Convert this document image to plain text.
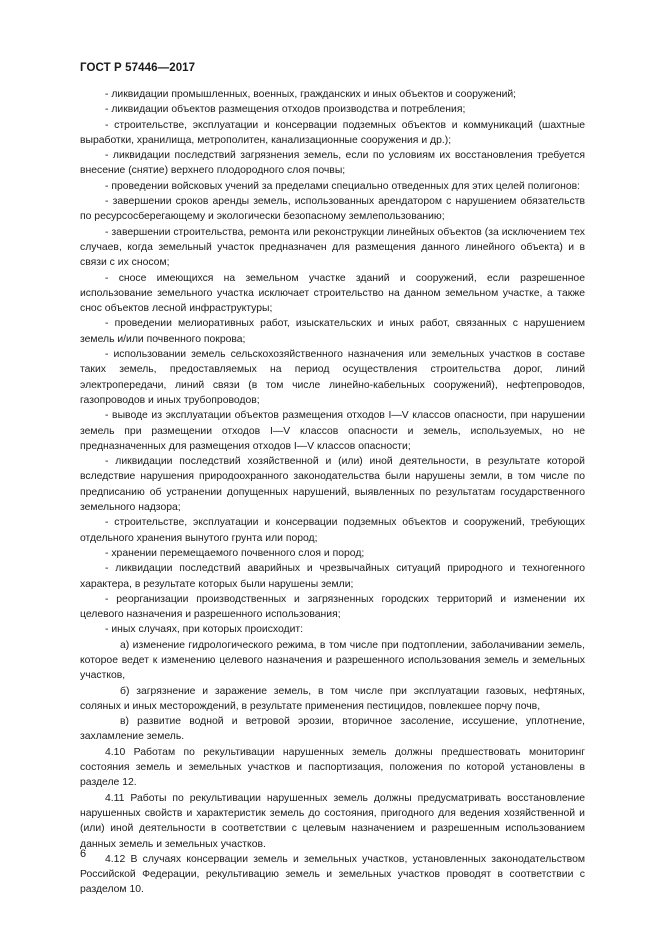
ГОСТ Р 57446—2017

- ликвидации промышленных, военных, гражданских и иных объектов и сооружений;

- ликвидации объектов размещения отходов производства и потребления;

- строительстве, эксплуатации и консервации подземных объектов и коммуникаций (шахтные выработки, хранилища, метрополитен, канализационные сооружения и др.);

- ликвидации последствий загрязнения земель, если по условиям их восстановления требуется внесение (снятие) верхнего плодородного слоя почвы;

- проведении войсковых учений за пределами специально отведенных для этих целей полигонов:

- завершении сроков аренды земель, использованных арендатором с нарушением обязательств по ресурсосберегающему и экологически безопасному землепользованию;

- завершении строительства, ремонта или реконструкции линейных объектов (за исключением тех случаев, когда земельный участок предназначен для размещения данного линейного объекта) и в связи с их сносом;

- сносе имеющихся на земельном участке зданий и сооружений, если разрешенное использование земельного участка исключает строительство на данном земельном участке, а также снос объектов лесной инфраструктуры;

- проведении мелиоративных работ, изыскательских и иных работ, связанных с нарушением земель и/или почвенного покрова;

- использовании земель сельскохозяйственного назначения или земельных участков в составе таких земель, предоставляемых на период осуществления строительства дорог, линий электропередачи, линий связи (в том числе линейно-кабельных сооружений), нефтепроводов, газопроводов и иных трубопроводов;

- выводе из эксплуатации объектов размещения отходов I—V классов опасности, при нарушении земель при размещении отходов I—V классов опасности и земель, используемых, но не предназначенных для размещения отходов I—V классов опасности;

- ликвидации последствий хозяйственной и (или) иной деятельности, в результате которой вследствие нарушения природоохранного законодательства были нарушены земли, в том числе по предписанию об устранении допущенных нарушений, выявленных по результатам государственного земельного надзора;

- строительстве, эксплуатации и консервации подземных объектов и сооружений, требующих отдельного хранения вынутого грунта или пород;

- хранении перемещаемого почвенного слоя и пород;

- ликвидации последствий аварийных и чрезвычайных ситуаций природного и техногенного характера, в результате которых были нарушены земли;

- реорганизации производственных и загрязненных городских территорий и изменении их целевого назначения и разрешенного использования;

- иных случаях, при которых происходит:

а) изменение гидрологического режима, в том числе при подтоплении, заболачивании земель, которое ведет к изменению целевого назначения и разрешенного использования земель и земельных участков,

б) загрязнение и заражение земель, в том числе при эксплуатации газовых, нефтяных, соляных и иных месторождений, в результате применения пестицидов, повлекшее порчу почв,

в) развитие водной и ветровой эрозии, вторичное засоление, иссушение, уплотнение, захламление земель.

4.10 Работам по рекультивации нарушенных земель должны предшествовать мониторинг состояния земель и земельных участков и паспортизация, положения по которой установлены в разделе 12.

4.11 Работы по рекультивации нарушенных земель должны предусматривать восстановление нарушенных свойств и характеристик земель до состояния, пригодного для ведения хозяйственной и (или) иной деятельности в соответствии с целевым назначением и разрешенным использованием данных земель и земельных участков.

4.12 В случаях консервации земель и земельных участков, установленных законодательством Российской Федерации, рекультивацию земель и земельных участков проводят в соответствии с разделом 10.

6
